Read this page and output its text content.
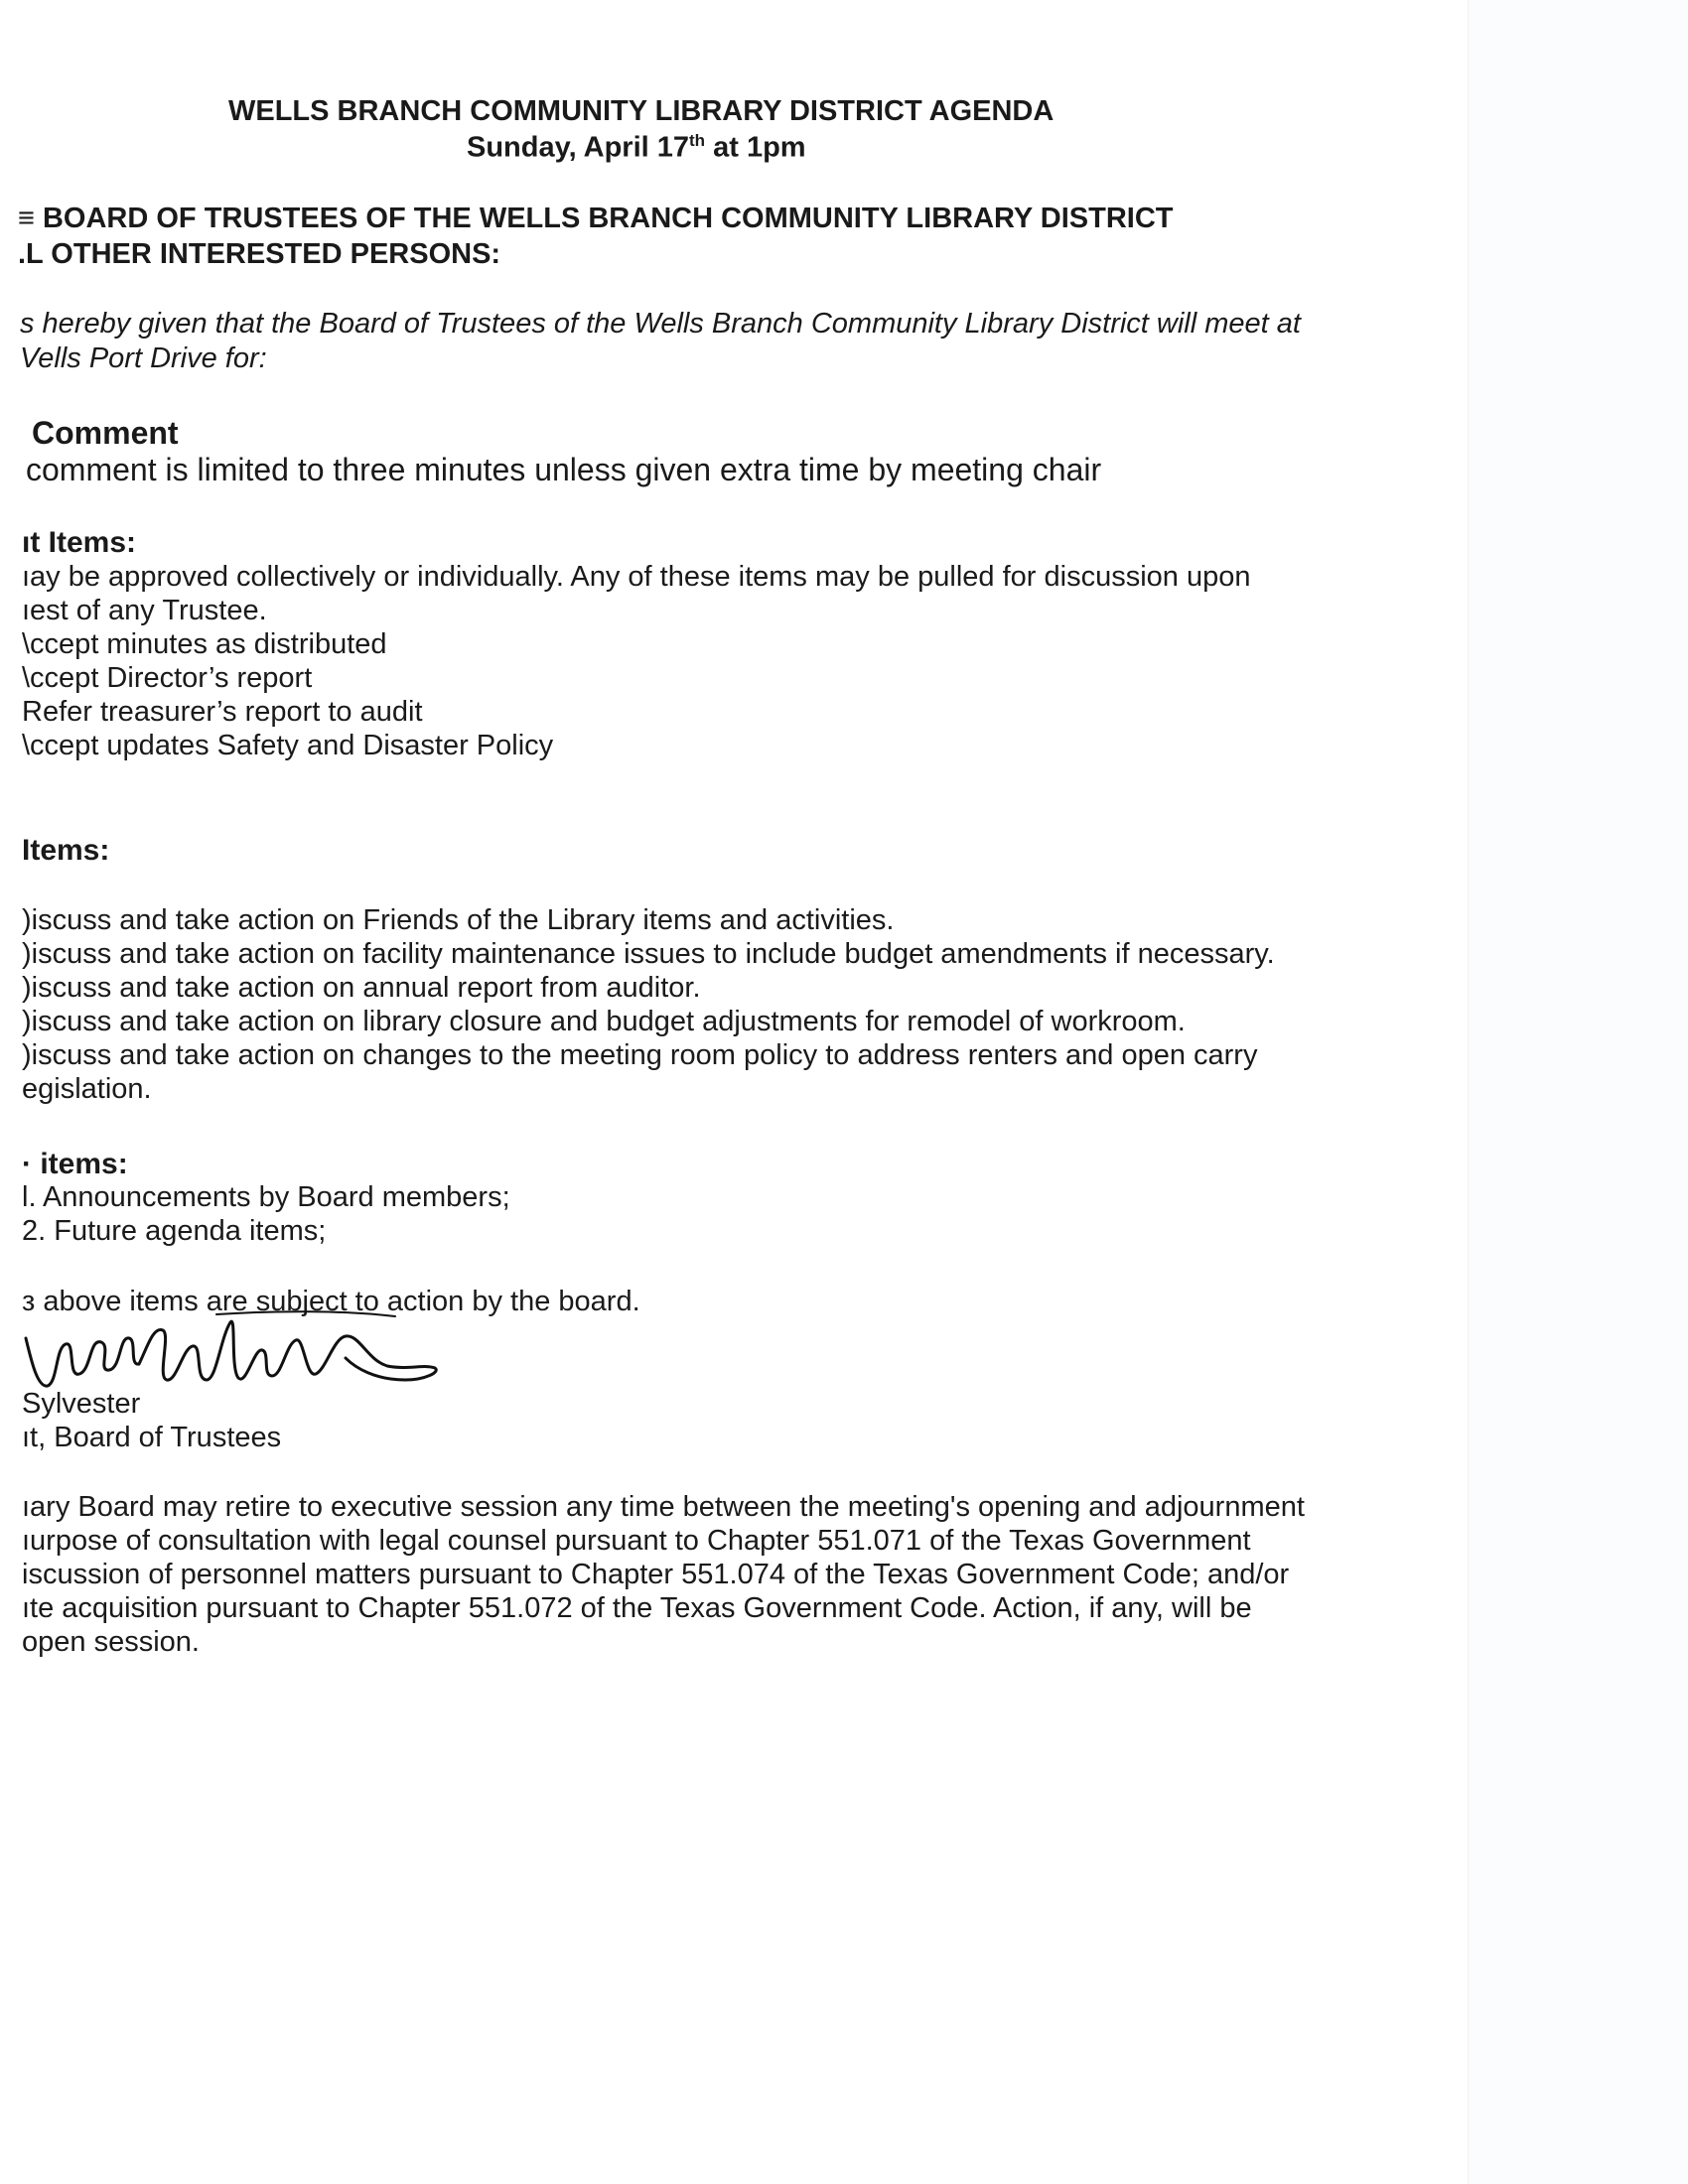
WELLS BRANCH COMMUNITY LIBRARY DISTRICT AGENDA
Sunday, April 17th at 1pm
≡ BOARD OF TRUSTEES OF THE WELLS BRANCH COMMUNITY LIBRARY DISTRICT
.L OTHER INTERESTED PERSONS:
ѕ hereby given that the Board of Trustees of the Wells Branch Community Library District will meet at
Vells Port Drive for:
Comment
comment is limited to three minutes unless given extra time by meeting chair
ıt Items:
ıay be approved collectively or individually. Any of these items may be pulled for discussion upon
ıest of any Trustee.
\ccept minutes as distributed
\ccept Director’s report
Refer treasurer’s report to audit
\ccept updates Safety and Disaster Policy
Items:
)iscuss and take action on Friends of the Library items and activities.
)iscuss and take action on facility maintenance issues to include budget amendments if necessary.
)iscuss and take action on annual report from auditor.
)iscuss and take action on library closure and budget adjustments for remodel of workroom.
)iscuss and take action on changes to the meeting room policy to address renters and open carry
egislation.
· items:
l. Announcements by Board members;
2. Future agenda items;
з above items are subject to action by the board.
Sylvester
ıt, Board of Trustees
ıary Board may retire to executive session any time between the meeting's opening and adjournment
ıurpose of consultation with legal counsel pursuant to Chapter 551.071 of the Texas Government
iscussion of personnel matters pursuant to Chapter 551.074 of the Texas Government Code; and/or
ıte acquisition pursuant to Chapter 551.072 of the Texas Government Code. Action, if any, will be
open session.
